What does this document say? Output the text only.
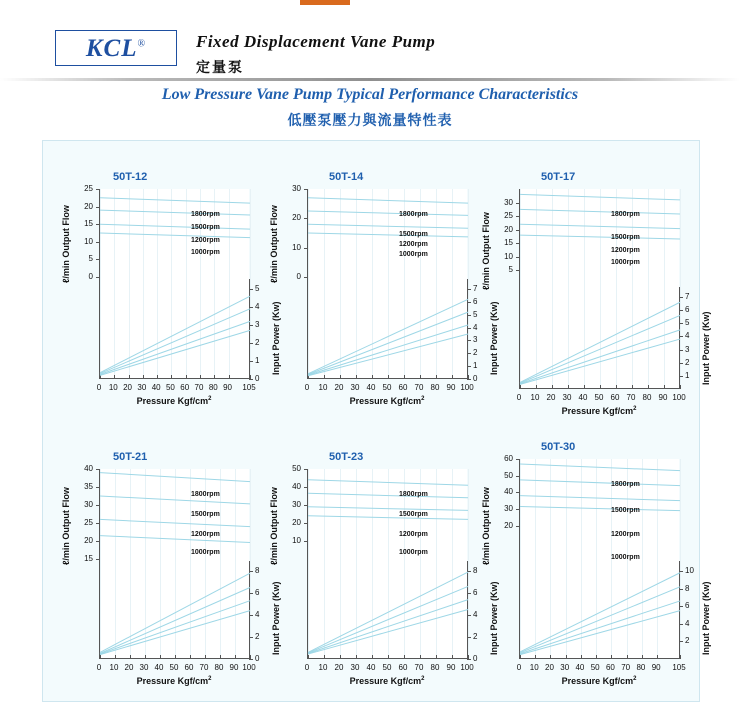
KCL®	Fixed Displacement Vane Pump
定量泵
Low Pressure Vane Pump Typical Performance Characteristics
低壓泵壓力與流量特性表
50T-12
0
5
10
15
20
25
0
1
2
3
4
5
1800rpm
1500rpm
1200rpm
1000rpm
0 10 20 30 40 50 60 70 80 90	105
Pressure Kgf/$cm^2$
ℓ/min Output Flow
Input Power (Kw)
50T-14
0
10
20
30
0
1
2
3
4
5
6
7
1800rpm
1500rpm
1200rpm
1000rpm
0	10 20 30 40 50 60 70 80 90 100
Pressure Kgf/$cm^2$
ℓ/min Output Flow
Input Power (Kw)
50T-17
5
10
15
20
25
30
1
2
3
4
5
6
7
1800rpm
1500rpm
1200rpm
1000rpm
0	10 20 30 40 50 60 70 80 90 100
Pressure Kgf/$cm^2$
ℓ/min Output Flow
Input Power (Kw)
50T-21
15
20
25
30
35
40
0
2
4
6
8
1800rpm
1500rpm
1200rpm
1000rpm
0	10 20 30 40 50 60 70 80 90 100
Pressure Kgf/$cm^2$
ℓ/min Output Flow
Input Power (Kw)
50T-23
10
20
30
40
50
0
2
4
6
8
1800rpm
1500rpm
1200rpm
1000rpm
0	10 20 30 40 50 60 70 80 90 100
Pressure Kgf/$cm^2$
ℓ/min Output Flow
Input Power (Kw)
50T-30
20
30
40
50
60
2
4
6
8
10
1800rpm
1500rpm
1200rpm
1000rpm
0	10 20 30 40 50 60 70 80 90	105
Pressure Kgf/$cm^2$
ℓ/min Output Flow
Input Power (Kw)
